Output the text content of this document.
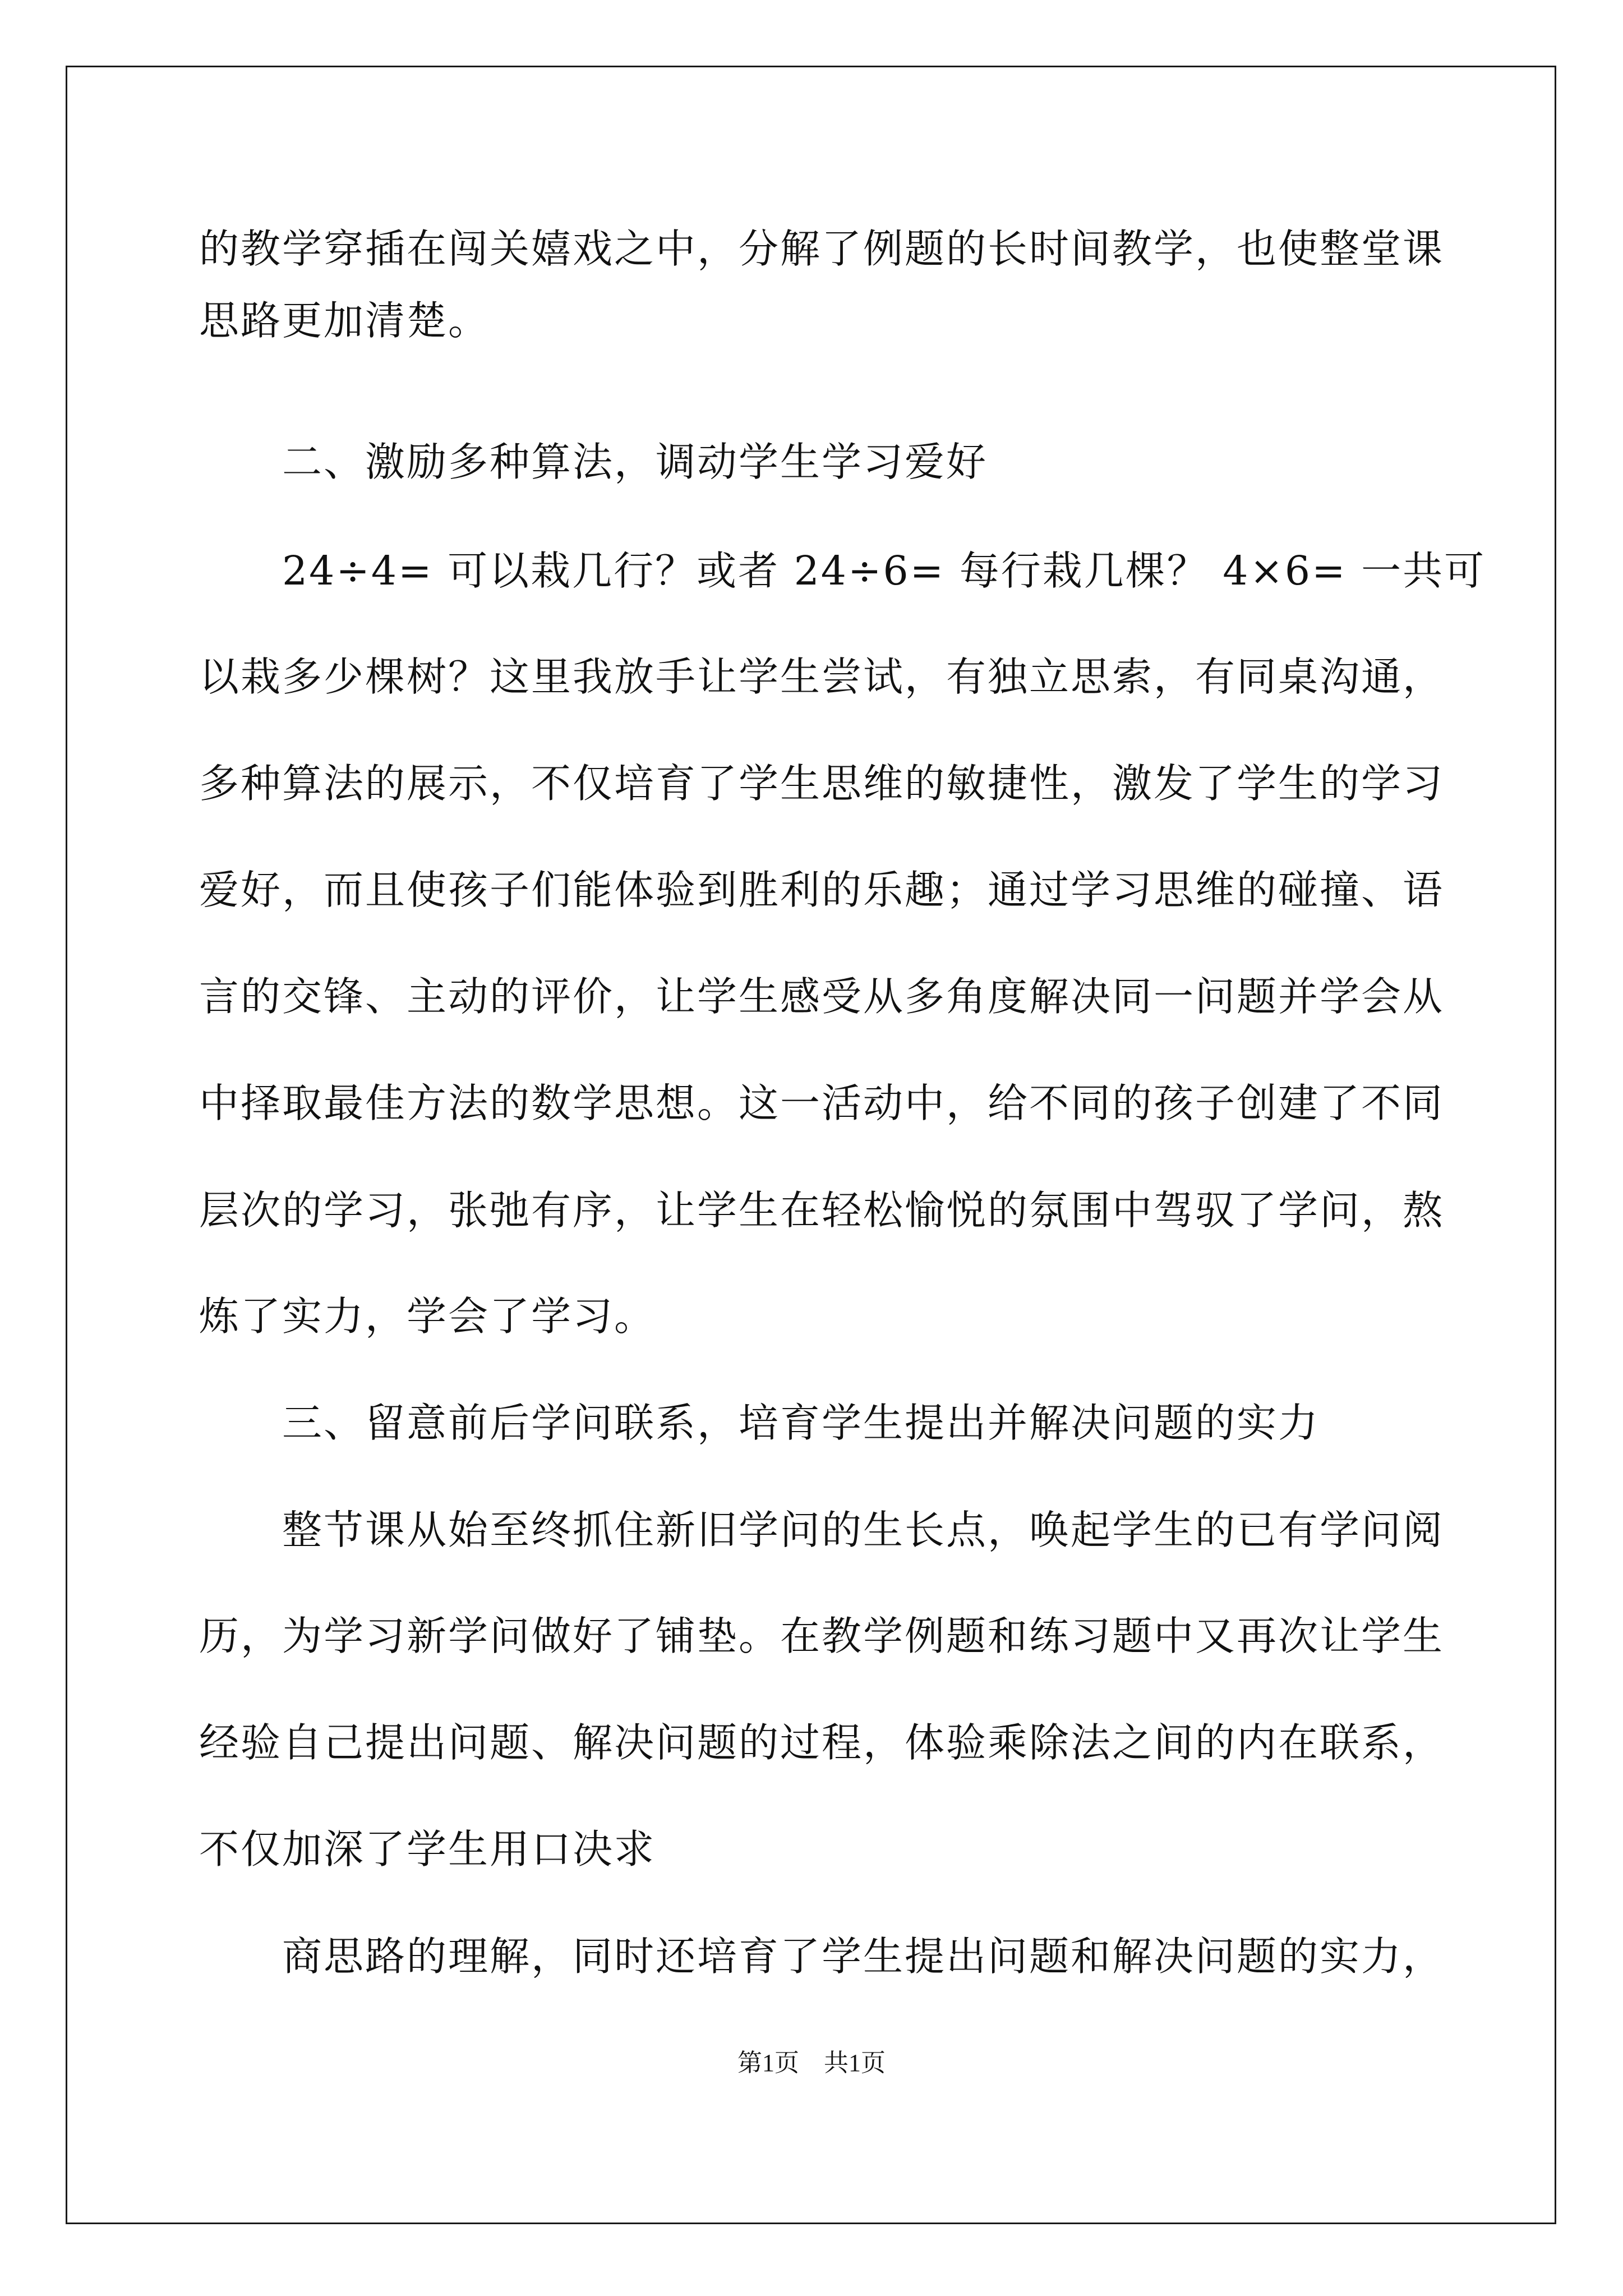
的教学穿插在闯关嬉戏之中，分解了例题的长时间教学，也使整堂课
思路更加清楚。
二、激励多种算法，调动学生学习爱好
24÷4= 可以栽几行？或者 24÷6= 每行栽几棵？ 4×6= 一共可
以栽多少棵树？这里我放手让学生尝试，有独立思索，有同桌沟通，
多种算法的展示，不仅培育了学生思维的敏捷性，激发了学生的学习
爱好，而且使孩子们能体验到胜利的乐趣；通过学习思维的碰撞、语
言的交锋、主动的评价，让学生感受从多角度解决同一问题并学会从
中择取最佳方法的数学思想。这一活动中，给不同的孩子创建了不同
层次的学习，张弛有序，让学生在轻松愉悦的氛围中驾驭了学问，熬
炼了实力，学会了学习。
三、留意前后学问联系，培育学生提出并解决问题的实力
整节课从始至终抓住新旧学问的生长点，唤起学生的已有学问阅
历，为学习新学问做好了铺垫。在教学例题和练习题中又再次让学生
经验自己提出问题、解决问题的过程，体验乘除法之间的内在联系，
不仅加深了学生用口决求
商思路的理解，同时还培育了学生提出问题和解决问题的实力，
第1页　共1页
